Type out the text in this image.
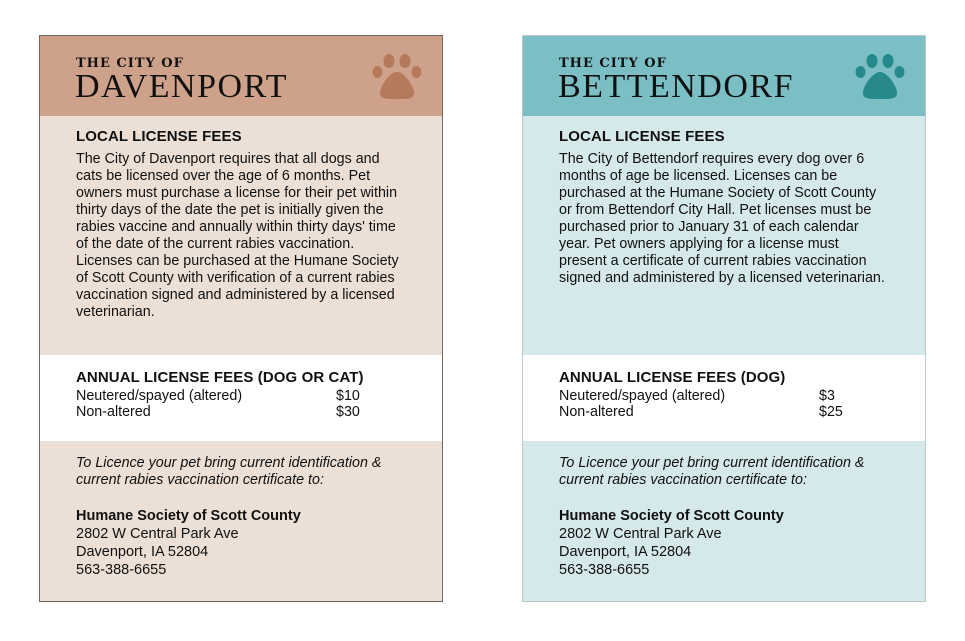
THE CITY OF
DAVENPORT
LOCAL LICENSE FEES

The City of Davenport requires that all dogs and cats be licensed over the age of 6 months. Pet owners must purchase a license for their pet within thirty days of the date the pet is initially given the rabies vaccine and annually within thirty days' time of the date of the current rabies vaccination. Licenses can be purchased at the Humane Society of Scott County with verification of a current rabies vaccination signed and administered by a licensed veterinarian.

ANNUAL LICENSE FEES (DOG OR CAT)
Neutered/spayed (altered)	$10
Non-altered	$30
To Licence your pet bring current identification & current rabies vaccination certificate to:
Humane Society of Scott County
2802 W Central Park Ave
Davenport, IA 52804
563-388-6655
THE CITY OF
BETTENDORF
LOCAL LICENSE FEES

The City of Bettendorf requires every dog over 6 months of age be licensed. Licenses can be purchased at the Humane Society of Scott County or from Bettendorf City Hall. Pet licenses must be purchased prior to January 31 of each calendar year. Pet owners applying for a license must present a certificate of current rabies vaccination signed and administered by a licensed veterinarian.

ANNUAL LICENSE FEES (DOG)
Neutered/spayed (altered)	$3
Non-altered	$25
To Licence your pet bring current identification & current rabies vaccination certificate to:
Humane Society of Scott County
2802 W Central Park Ave
Davenport, IA 52804
563-388-6655
